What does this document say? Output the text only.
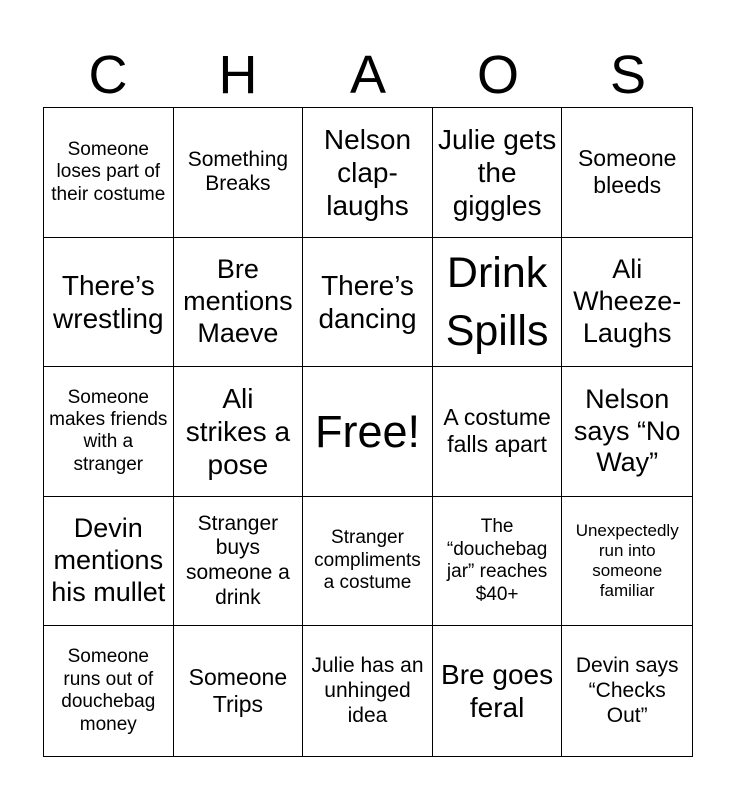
C	H	A	O	S
Someone loses part of their costume
Something Breaks
Nelson clap-laughs
Julie gets the giggles
Someone bleeds
There’s wrestling
Bre mentions Maeve
There’s dancing
Drink Spills
Ali Wheeze-Laughs
Someone makes friends with a stranger
Ali strikes a pose
Free! A costume falls apart
Nelson says “No Way”
Devin mentions his mullet
Stranger buys someone a drink
Stranger compliments a costume
The “douchebag jar” reaches $40+
Unexpectedly run into someone familiar
Someone runs out of douchebag money
Someone Trips
Julie has an unhinged idea
Bre goes feral
Devin says “Checks Out”
